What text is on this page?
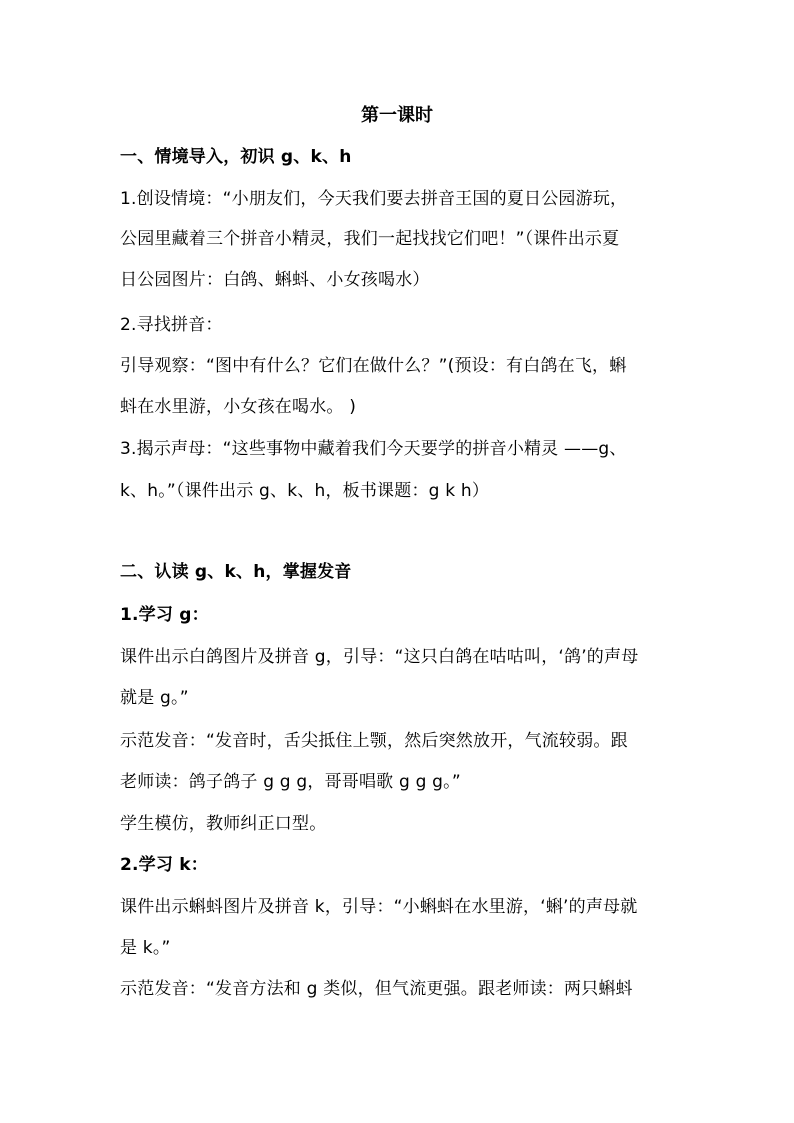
第一课时
一、情境导入，初识 g、k、h
1.创设情境：“小朋友们，今天我们要去拼音王国的夏日公园游玩，
公园里藏着三个拼音小精灵，我们一起找找它们吧！”（课件出示夏
日公园图片：白鸽、蝌蚪、小女孩喝水）
2.寻找拼音：
引导观察：“图中有什么？它们在做什么？”(预设：有白鸽在飞，蝌
蚪在水里游，小女孩在喝水。 )
3.揭示声母：“这些事物中藏着我们今天要学的拼音小精灵 ——g、
k、h。”（课件出示 g、k、h，板书课题：g k h）
二、认读 g、k、h，掌握发音
1.学习 g：
课件出示白鸽图片及拼音 g，引导：“这只白鸽在咕咕叫，‘鸽’的声母
就是 g。”
示范发音：“发音时，舌尖抵住上颚，然后突然放开，气流较弱。跟
老师读：鸽子鸽子 g g g，哥哥唱歌 g g g。”
学生模仿，教师纠正口型。
2.学习 k：
课件出示蝌蚪图片及拼音 k，引导：“小蝌蚪在水里游，‘蝌’的声母就
是 k。”
示范发音：“发音方法和 g 类似，但气流更强。跟老师读：两只蝌蚪
